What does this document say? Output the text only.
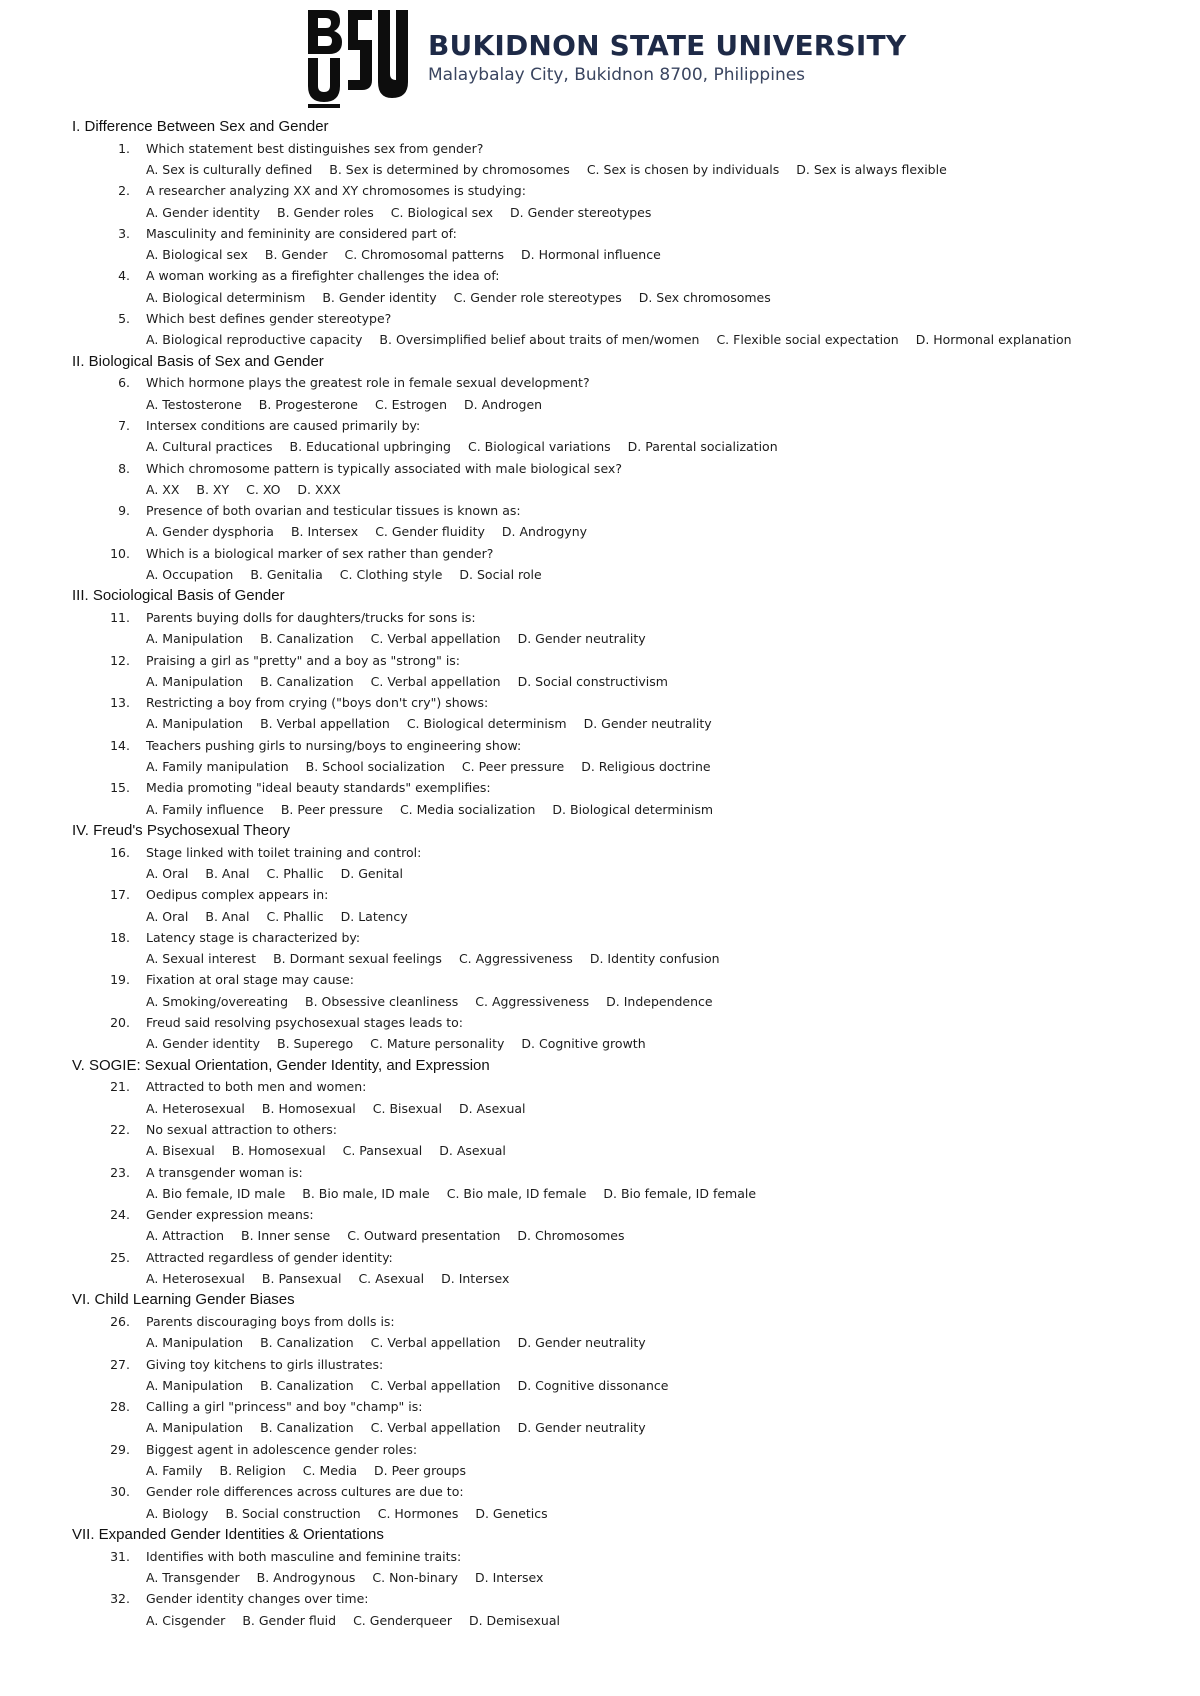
BUKIDNON STATE UNIVERSITY
Malaybalay City, Bukidnon 8700, Philippines
I. Difference Between Sex and Gender
1. Which statement best distinguishes sex from gender?
A. Sex is culturally defined B. Sex is determined by chromosomes C. Sex is chosen by individuals D. Sex is always flexible
2. A researcher analyzing XX and XY chromosomes is studying:
A. Gender identity B. Gender roles C. Biological sex D. Gender stereotypes
3. Masculinity and femininity are considered part of:
A. Biological sex B. Gender C. Chromosomal patterns D. Hormonal influence
4. A woman working as a firefighter challenges the idea of:
A. Biological determinism B. Gender identity C. Gender role stereotypes D. Sex chromosomes
5. Which best defines gender stereotype?
A. Biological reproductive capacity B. Oversimplified belief about traits of men/women C. Flexible social expectation D. Hormonal explanation
II. Biological Basis of Sex and Gender
6. Which hormone plays the greatest role in female sexual development?
A. Testosterone B. Progesterone C. Estrogen D. Androgen
7. Intersex conditions are caused primarily by:
A. Cultural practices B. Educational upbringing C. Biological variations D. Parental socialization
8. Which chromosome pattern is typically associated with male biological sex?
A. XX B. XY C. XO D. XXX
9. Presence of both ovarian and testicular tissues is known as:
A. Gender dysphoria B. Intersex C. Gender fluidity D. Androgyny
10. Which is a biological marker of sex rather than gender?
A. Occupation B. Genitalia C. Clothing style D. Social role
III. Sociological Basis of Gender
11. Parents buying dolls for daughters/trucks for sons is:
A. Manipulation B. Canalization C. Verbal appellation D. Gender neutrality
12. Praising a girl as "pretty" and a boy as "strong" is:
A. Manipulation B. Canalization C. Verbal appellation D. Social constructivism
13. Restricting a boy from crying ("boys don't cry") shows:
A. Manipulation B. Verbal appellation C. Biological determinism D. Gender neutrality
14. Teachers pushing girls to nursing/boys to engineering show:
A. Family manipulation B. School socialization C. Peer pressure D. Religious doctrine
15. Media promoting "ideal beauty standards" exemplifies:
A. Family influence B. Peer pressure C. Media socialization D. Biological determinism
IV. Freud's Psychosexual Theory
16. Stage linked with toilet training and control:
A. Oral B. Anal C. Phallic D. Genital
17. Oedipus complex appears in:
A. Oral B. Anal C. Phallic D. Latency
18. Latency stage is characterized by:
A. Sexual interest B. Dormant sexual feelings C. Aggressiveness D. Identity confusion
19. Fixation at oral stage may cause:
A. Smoking/overeating B. Obsessive cleanliness C. Aggressiveness D. Independence
20. Freud said resolving psychosexual stages leads to:
A. Gender identity B. Superego C. Mature personality D. Cognitive growth
V. SOGIE: Sexual Orientation, Gender Identity, and Expression
21. Attracted to both men and women:
A. Heterosexual B. Homosexual C. Bisexual D. Asexual
22. No sexual attraction to others:
A. Bisexual B. Homosexual C. Pansexual D. Asexual
23. A transgender woman is:
A. Bio female, ID male B. Bio male, ID male C. Bio male, ID female D. Bio female, ID female
24. Gender expression means:
A. Attraction B. Inner sense C. Outward presentation D. Chromosomes
25. Attracted regardless of gender identity:
A. Heterosexual B. Pansexual C. Asexual D. Intersex
VI. Child Learning Gender Biases
26. Parents discouraging boys from dolls is:
A. Manipulation B. Canalization C. Verbal appellation D. Gender neutrality
27. Giving toy kitchens to girls illustrates:
A. Manipulation B. Canalization C. Verbal appellation D. Cognitive dissonance
28. Calling a girl "princess" and boy "champ" is:
A. Manipulation B. Canalization C. Verbal appellation D. Gender neutrality
29. Biggest agent in adolescence gender roles:
A. Family B. Religion C. Media D. Peer groups
30. Gender role differences across cultures are due to:
A. Biology B. Social construction C. Hormones D. Genetics
VII. Expanded Gender Identities & Orientations
31. Identifies with both masculine and feminine traits:
A. Transgender B. Androgynous C. Non-binary D. Intersex
32. Gender identity changes over time:
A. Cisgender B. Gender fluid C. Genderqueer D. Demisexual
